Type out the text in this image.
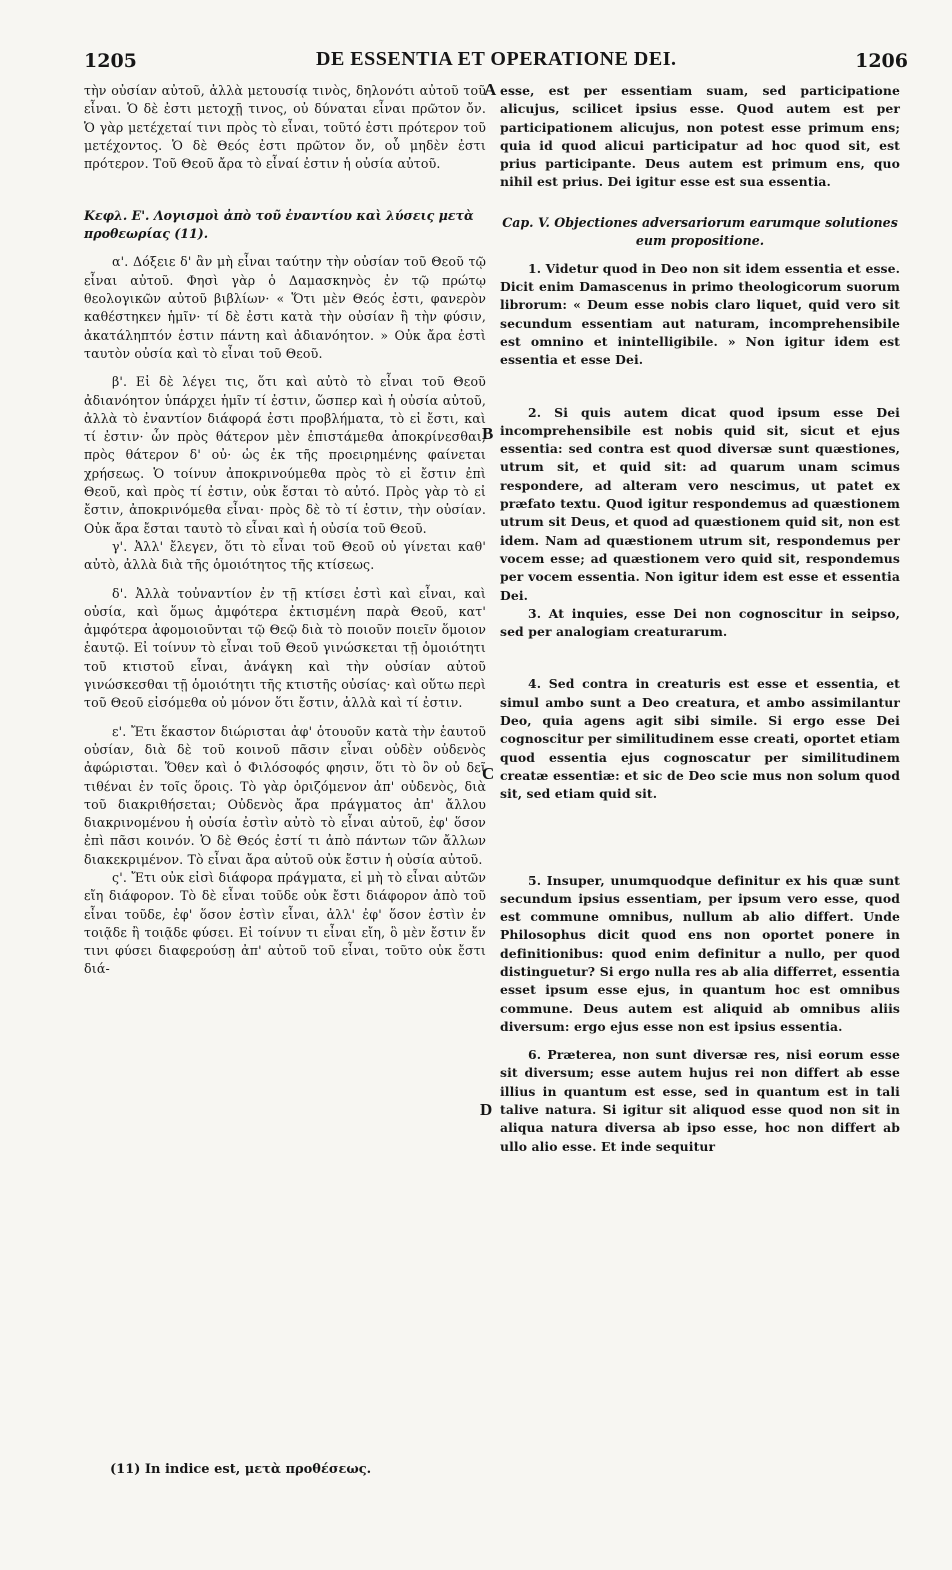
1205	DE ESSENTIA ET OPERATIONE DEI.	1206

τὴν οὐσίαν αὐτοῦ, ἀλλὰ μετουσίᾳ τινὸς, δηλονότι αὐτοῦ τοῦ εἶναι. Ὁ δὲ ἐστι μετοχῇ τινος, οὐ δύναται εἶναι πρῶτον ὄν. Ὁ γὰρ μετέχεταί τινι πρὸς τὸ εἶναι, τοῦτό ἐστι πρότερον τοῦ μετέχοντος. Ὁ δὲ Θεός ἐστι πρῶτον ὄν, οὗ μηδὲν ἐστι πρότερον. Τοῦ Θεοῦ ἄρα τὸ εἶναί ἐστιν ἡ οὐσία αὐτοῦ.

Κεφλ. Ε'. Λογισμοὶ ἀπὸ τοῦ ἐναντίου καὶ λύσεις μετὰ προθεωρίας (11).

α'. Δόξειε δ' ἂν μὴ εἶναι ταύτην τὴν οὐσίαν τοῦ Θεοῦ τῷ εἶναι αὐτοῦ. Φησὶ γὰρ ὁ Δαμασκηνὸς ἐν τῷ πρώτῳ θεολογικῶν αὐτοῦ βιβλίων· « Ὅτι μὲν Θεός ἐστι, φανερὸν καθέστηκεν ἡμῖν· τί δὲ ἐστι κατὰ τὴν οὐσίαν ἢ τὴν φύσιν, ἀκατάληπτόν ἐστιν πάντη καὶ ἀδιανόητον. » Οὐκ ἄρα ἐστὶ ταυτὸν οὐσία καὶ τὸ εἶναι τοῦ Θεοῦ.

β'. Εἰ δὲ λέγει τις, ὅτι καὶ αὐτὸ τὸ εἶναι τοῦ Θεοῦ ἀδιανόητον ὑπάρχει ἡμῖν τί ἐστιν, ὥσπερ καὶ ἡ οὐσία αὐτοῦ, ἀλλὰ τὸ ἐναντίον διάφορά ἐστι προβλήματα, τὸ εἰ ἔστι, καὶ τί ἐστιν· ὧν πρὸς θάτερον μὲν ἐπιστάμεθα ἀποκρίνεσθαι, πρὸς θάτερον δ' οὐ· ὡς ἐκ τῆς προειρημένης φαίνεται χρήσεως. Ὁ τοίνυν ἀποκρινούμεθα πρὸς τὸ εἰ ἔστιν ἐπὶ Θεοῦ, καὶ πρὸς τί ἐστιν, οὐκ ἔσται τὸ αὐτό. Πρὸς γὰρ τὸ εἰ ἔστιν, ἀποκρινόμεθα εἶναι· πρὸς δὲ τὸ τί ἐστιν, τὴν οὐσίαν. Οὐκ ἄρα ἔσται ταυτὸ τὸ εἶναι καὶ ἡ οὐσία τοῦ Θεοῦ.

γ'. Ἀλλ' ἔλεγεν, ὅτι τὸ εἶναι τοῦ Θεοῦ οὐ γίνεται καθ' αὐτὸ, ἀλλὰ διὰ τῆς ὁμοιότητος τῆς κτίσεως.

δ'. Ἀλλὰ τοὐναντίον ἐν τῇ κτίσει ἐστὶ καὶ εἶναι, καὶ οὐσία, καὶ ὅμως ἀμφότερα ἐκτισμένη παρὰ Θεοῦ, κατ' ἀμφότερα ἀφομοιοῦνται τῷ Θεῷ διὰ τὸ ποιοῦν ποιεῖν ὅμοιον ἑαυτῷ. Εἰ τοίνυν τὸ εἶναι τοῦ Θεοῦ γινώσκεται τῇ ὁμοιότητι τοῦ κτιστοῦ εἶναι, ἀνάγκη καὶ τὴν οὐσίαν αὐτοῦ γινώσκεσθαι τῇ ὁμοιότητι τῆς κτιστῆς οὐσίας· καὶ οὕτω περὶ τοῦ Θεοῦ εἰσόμεθα οὐ μόνον ὅτι ἔστιν, ἀλλὰ καὶ τί ἐστιν.

ε'. Ἔτι ἕκαστον διώρισται ἀφ' ὁτουοῦν κατὰ τὴν ἑαυτοῦ οὐσίαν, διὰ δὲ τοῦ κοινοῦ πᾶσιν εἶναι οὐδὲν οὐδενὸς ἀφώρισται. Ὅθεν καὶ ὁ Φιλόσοφός φησιν, ὅτι τὸ ὂν οὐ δεῖ τιθέναι ἐν τοῖς ὅροις. Τὸ γὰρ ὁριζόμενον ἀπ' οὐδενὸς, διὰ τοῦ διακριθήσεται; Οὐδενὸς ἄρα πράγματος ἀπ' ἄλλου διακρινομένου ἡ οὐσία ἐστὶν αὐτὸ τὸ εἶναι αὐτοῦ, ἐφ' ὅσον ἐπὶ πᾶσι κοινόν. Ὁ δὲ Θεός ἐστί τι ἀπὸ πάντων τῶν ἄλλων διακεκριμένον. Τὸ εἶναι ἄρα αὐτοῦ οὐκ ἔστιν ἡ οὐσία αὐτοῦ.

ς'. Ἔτι οὐκ εἰσὶ διάφορα πράγματα, εἰ μὴ τὸ εἶναι αὐτῶν εἴη διάφορον. Τὸ δὲ εἶναι τοῦδε οὐκ ἔστι διάφορον ἀπὸ τοῦ εἶναι τοῦδε, ἐφ' ὅσον ἐστὶν εἶναι, ἀλλ' ἐφ' ὅσον ἐστὶν ἐν τοιᾷδε ἢ τοιᾷδε φύσει. Εἰ τοίνυν τι εἶναι εἴη, ὃ μὲν ἔστιν ἔν τινι φύσει διαφερούσῃ ἀπ' αὐτοῦ τοῦ εἶναι, τοῦτο οὐκ ἔστι διά-

esse, est per essentiam suam, sed participatione alicujus, scilicet ipsius esse. Quod autem est per participationem alicujus, non potest esse primum ens; quia id quod alicui participatur ad hoc quod sit, est prius participante. Deus autem est primum ens, quo nihil est prius. Dei igitur esse est sua essentia.

Cap. V. Objectiones adversariorum earumque solutiones eum propositione.

1. Videtur quod in Deo non sit idem essentia et esse. Dicit enim Damascenus in primo theologicorum suorum librorum: « Deum esse nobis claro liquet, quid vero sit secundum essentiam aut naturam, incomprehensibile est omnino et inintelligibile. » Non igitur idem est essentia et esse Dei.

2. Si quis autem dicat quod ipsum esse Dei incomprehensibile est nobis quid sit, sicut et ejus essentia: sed contra est quod diversæ sunt quæstiones, utrum sit, et quid sit: ad quarum unam scimus respondere, ad alteram vero nescimus, ut patet ex præfato textu. Quod igitur respondemus ad quæstionem utrum sit Deus, et quod ad quæstionem quid sit, non est idem. Nam ad quæstionem utrum sit, respondemus per vocem esse; ad quæstionem vero quid sit, respondemus per vocem essentia. Non igitur idem est esse et essentia Dei.

3. At inquies, esse Dei non cognoscitur in seipso, sed per analogiam creaturarum.

4. Sed contra in creaturis est esse et essentia, et simul ambo sunt a Deo creatura, et ambo assimilantur Deo, quia agens agit sibi simile. Si ergo esse Dei cognoscitur per similitudinem esse creati, oportet etiam quod essentia ejus cognoscatur per similitudinem creatæ essentiæ: et sic de Deo scie mus non solum quod sit, sed etiam quid sit.

5. Insuper, unumquodque definitur ex his quæ sunt secundum ipsius essentiam, per ipsum vero esse, quod est commune omnibus, nullum ab alio differt. Unde Philosophus dicit quod ens non oportet ponere in definitionibus: quod enim definitur a nullo, per quod distinguetur? Si ergo nulla res ab alia differret, essentia esset ipsum esse ejus, in quantum hoc est omnibus commune. Deus autem est aliquid ab omnibus aliis diversum: ergo ejus esse non est ipsius essentia.

6. Præterea, non sunt diversæ res, nisi eorum esse sit diversum; esse autem hujus rei non differt ab esse illius in quantum est esse, sed in quantum est in tali talive natura. Si igitur sit aliquod esse quod non sit in aliqua natura diversa ab ipso esse, hoc non differt ab ullo alio esse. Et inde sequitur

A
B
C
D
(11) In indice est, μετὰ προθέσεως.
